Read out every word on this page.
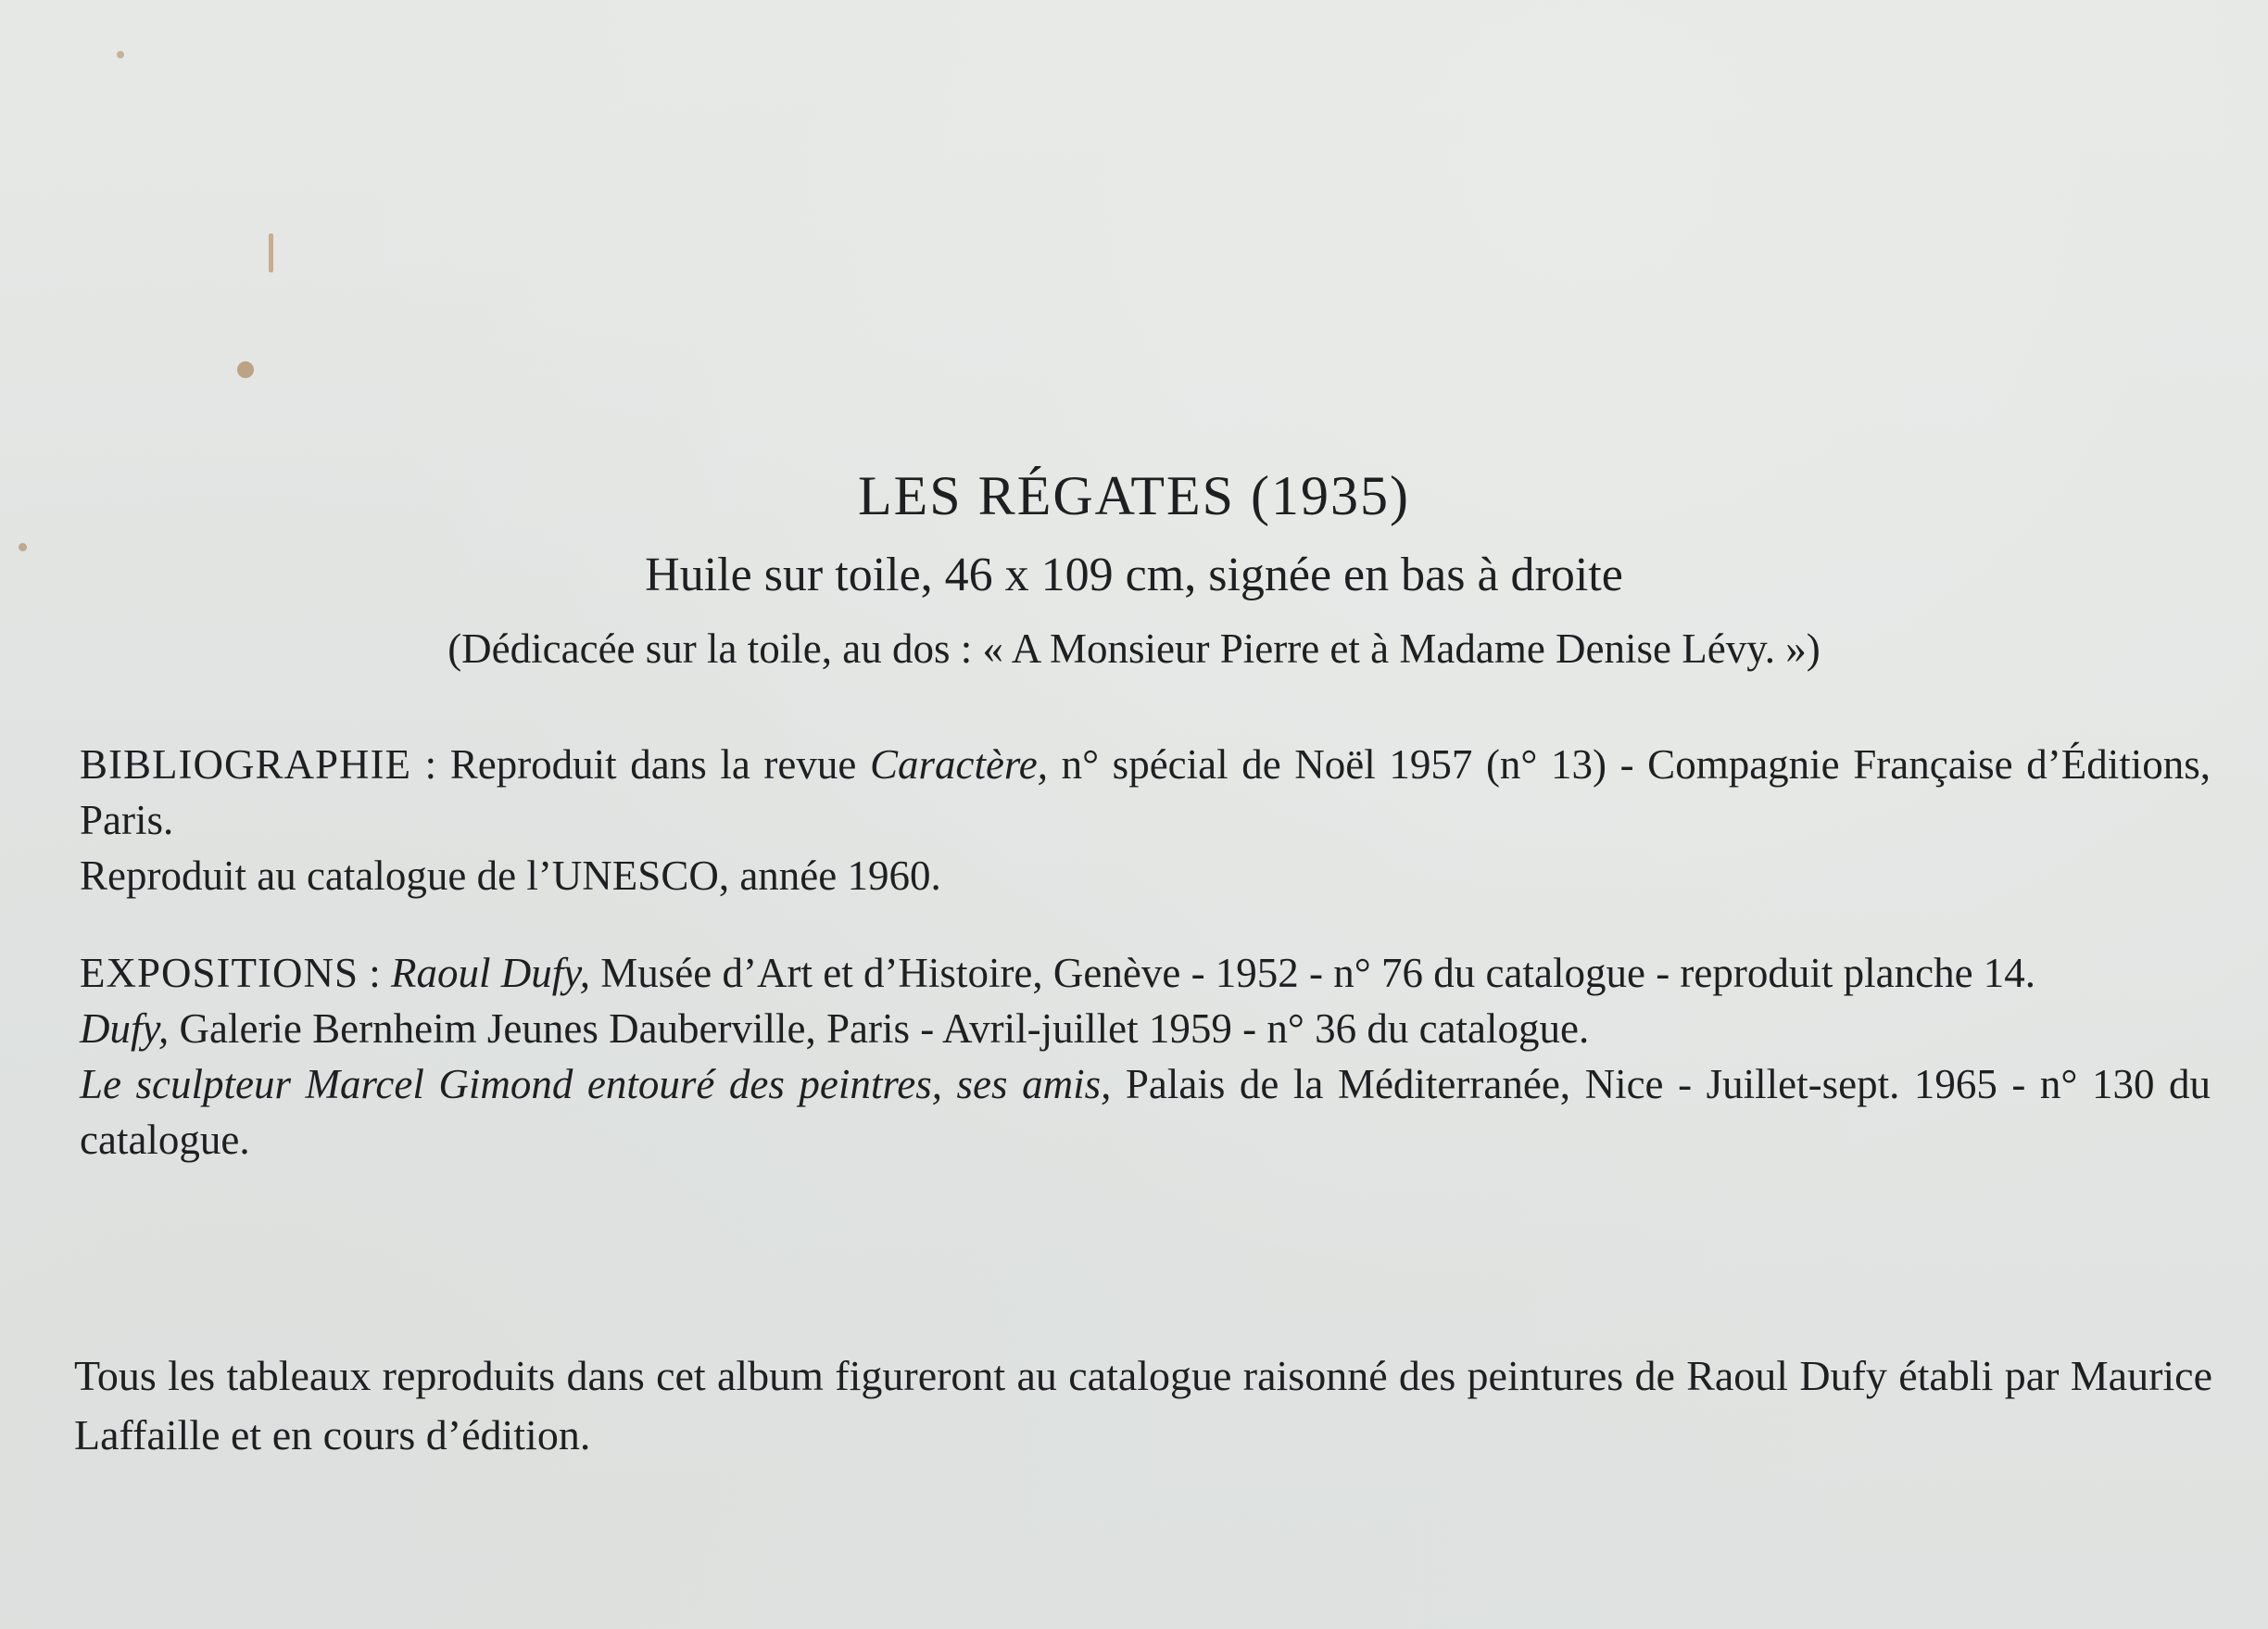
LES RÉGATES (1935)
Huile sur toile, 46 x 109 cm, signée en bas à droite
(Dédicacée sur la toile, au dos : « A Monsieur Pierre et à Madame Denise Lévy. »)

BIBLIOGRAPHIE : Reproduit dans la revue Caractère, n° spécial de Noël 1957 (n° 13) - Compagnie Française d’Éditions, Paris.

Reproduit au catalogue de l’UNESCO, année 1960.

EXPOSITIONS : Raoul Dufy, Musée d’Art et d’Histoire, Genève - 1952 - n° 76 du catalogue - reproduit planche 14.

Dufy, Galerie Bernheim Jeunes Dauberville, Paris - Avril-juillet 1959 - n° 36 du catalogue.

Le sculpteur Marcel Gimond entouré des peintres, ses amis, Palais de la Méditerranée, Nice - Juillet-sept. 1965 - n° 130 du catalogue.

Tous les tableaux reproduits dans cet album figureront au catalogue raisonné des peintures de Raoul Dufy établi par Maurice Laffaille et en cours d’édition.
